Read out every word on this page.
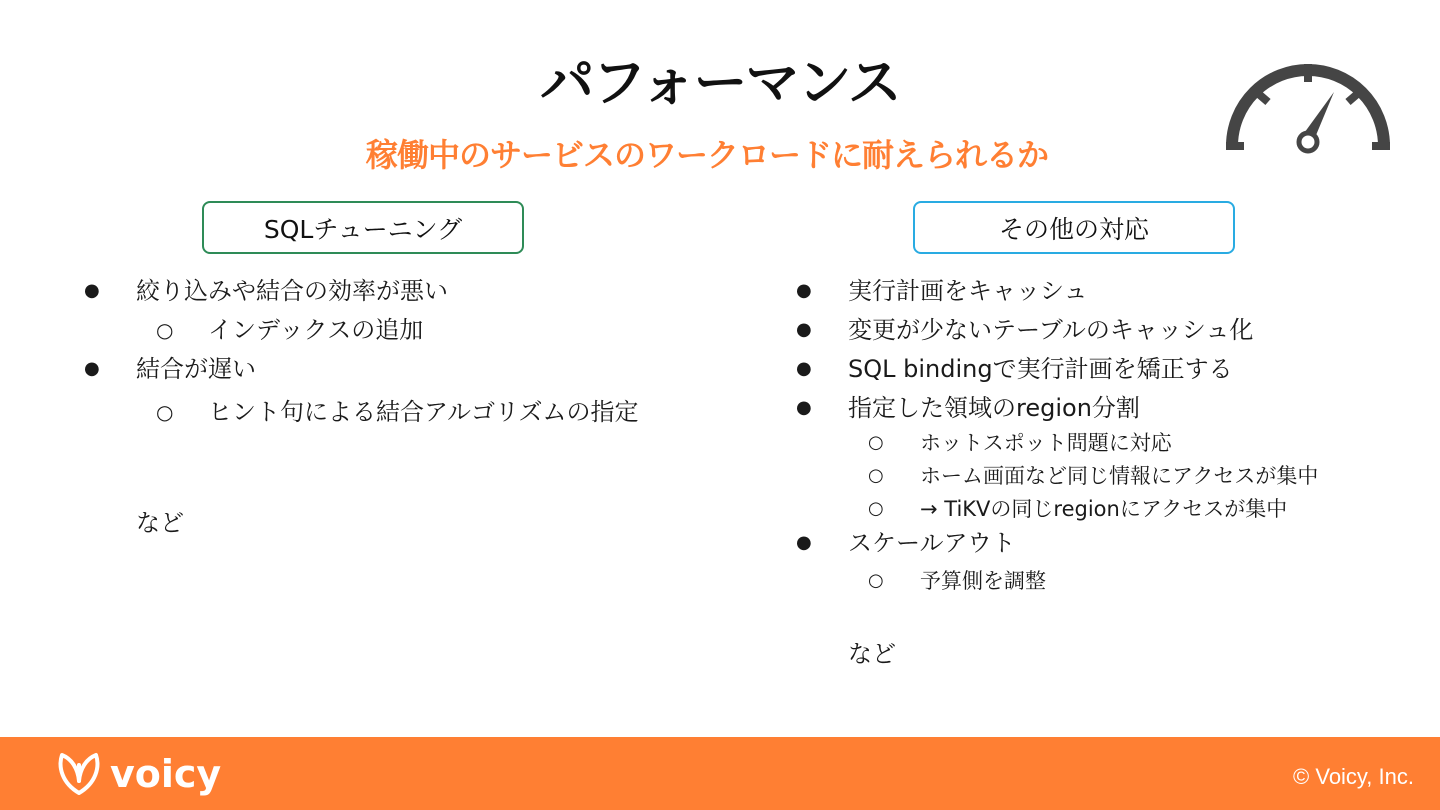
パフォーマンス
稼働中のサービスのワークロードに耐えられるか
SQLチューニング	その他の対応
● 絞り込みや結合の効率が悪い
○ インデックスの追加
● 結合が遅い
○ ヒント句による結合アルゴリズムの指定
など
● 実行計画をキャッシュ
● 変更が少ないテーブルのキャッシュ化
● SQL bindingで実行計画を矯正する
● 指定した領域のregion分割
○ ホットスポット問題に対応
○ ホーム画面など同じ情報にアクセスが集中
○ → TiKVの同じregionにアクセスが集中
● スケールアウト
○ 予算側を調整
など
voicy	© Voicy, Inc.
